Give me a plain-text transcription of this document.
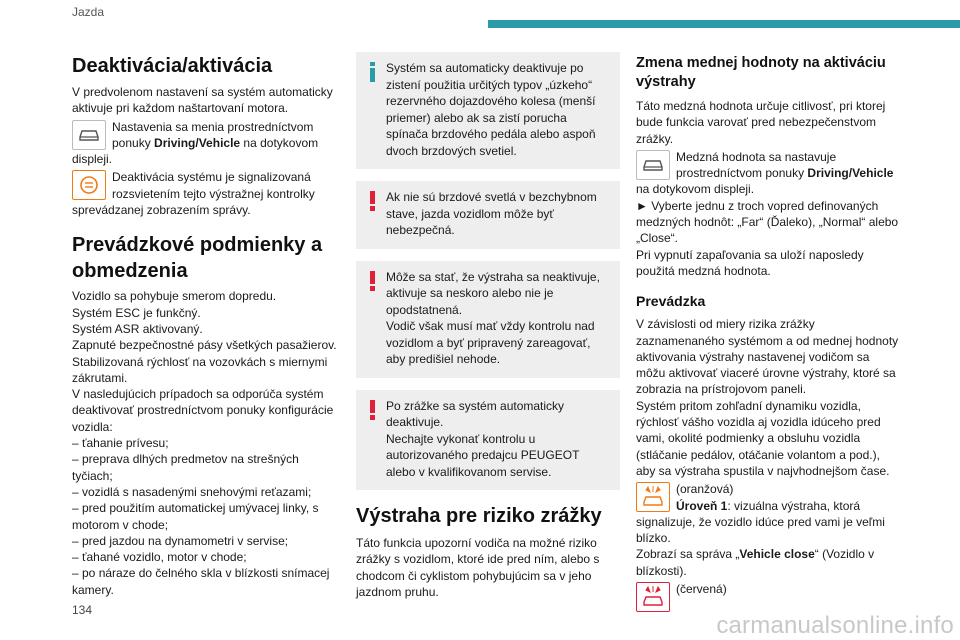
Jazda
Deaktivácia/aktivácia

V predvolenom nastavení sa systém automaticky aktivuje pri každom naštartovaní motora.

Nastavenia sa menia prostredníctvom ponuky Driving/Vehicle na dotykovom displeji.

Deaktivácia systému je signalizovaná rozsvietením tejto výstražnej kontrolky sprevádzanej zobrazením správy.

Prevádzkové podmienky a obmedzenia

Vozidlo sa pohybuje smerom dopredu.

Systém ESC je funkčný.

Systém ASR aktivovaný.

Zapnuté bezpečnostné pásy všetkých pasažierov.

Stabilizovaná rýchlosť na vozovkách s miernymi zákrutami.

V nasledujúcich prípadoch sa odporúča systém deaktivovať prostredníctvom ponuky konfigurácie vozidla:

– ťahanie prívesu;

– preprava dlhých predmetov na strešných tyčiach;

– vozidlá s nasadenými snehovými reťazami;

– pred použitím automatickej umývacej linky, s motorom v chode;

– pred jazdou na dynamometri v servise;

– ťahané vozidlo, motor v chode;

– po náraze do čelného skla v blízkosti snímacej kamery.

Systém sa automaticky deaktivuje po zistení použitia určitých typov „úzkeho“ rezervného dojazdového kolesa (menší priemer) alebo ak sa zistí porucha spínača brzdového pedála alebo aspoň dvoch brzdových svetiel.

Ak nie sú brzdové svetlá v bezchybnom stave, jazda vozidlom môže byť nebezpečná.

Môže sa stať, že výstraha sa neaktivuje, aktivuje sa neskoro alebo nie je opodstatnená.
Vodič však musí mať vždy kontrolu nad vozidlom a byť pripravený zareagovať, aby predišiel nehode.

Po zrážke sa systém automaticky deaktivuje.
Nechajte vykonať kontrolu u autorizovaného predajcu PEUGEOT alebo v kvalifikovanom servise.

Výstraha pre riziko zrážky

Táto funkcia upozorní vodiča na možné riziko zrážky s vozidlom, ktoré ide pred ním, alebo s chodcom či cyklistom pohybujúcim sa v jeho jazdnom pruhu.

Zmena mednej hodnoty na aktiváciu výstrahy

Táto medzná hodnota určuje citlivosť, pri ktorej bude funkcia varovať pred nebezpečenstvom zrážky.

Medzná hodnota sa nastavuje prostredníctvom ponuky Driving/Vehicle na dotykovom displeji.

► Vyberte jednu z troch vopred definovaných medzných hodnôt: „Far“ (Ďaleko), „Normal“ alebo „Close“.

Pri vypnutí zapaľovania sa uloží naposledy použitá medzná hodnota.

Prevádzka

V závislosti od miery rizika zrážky zaznamenaného systémom a od mednej hodnoty aktivovania výstrahy nastavenej vodičom sa môžu aktivovať viaceré úrovne výstrahy, ktoré sa zobrazia na prístrojovom paneli.

Systém pritom zohľadní dynamiku vozidla, rýchlosť vášho vozidla aj vozidla idúceho pred vami, okolité podmienky a obsluhu vozidla (stláčanie pedálov, otáčanie volantom a pod.), aby sa výstraha spustila v najvhodnejšom čase.

(oranžová)
Úroveň 1: vizuálna výstraha, ktorá signalizuje, že vozidlo idúce pred vami je veľmi blízko.

Zobrazí sa správa „Vehicle close“ (Vozidlo v blízkosti).

(červená)

134
carmanualsonline.info
